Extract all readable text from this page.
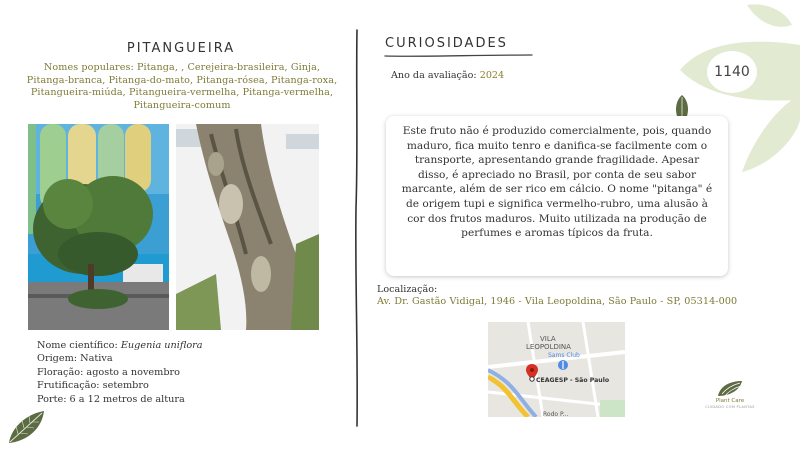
1140
PITANGUEIRA
Nomes populares: Pitanga, , Cerejeira-brasileira, Ginja, Pitanga-branca, Pitanga-do-mato, Pitanga-rósea, Pitanga-roxa, Pitangueira-miúda, Pitangueira-vermelha, Pitanga-vermelha, Pitangueira-comum
Nome científico: Eugenia uniflora
Origem: Nativa
Floração: agosto a novembro
Frutificação: setembro
Porte: 6 a 12 metros de altura
CURIOSIDADES
Ano da avaliação: 2024
Este fruto não é produzido comercialmente, pois, quando maduro, fica muito tenro e danifica-se facilmente com o transporte, apresentando grande fragilidade. Apesar disso, é apreciado no Brasil, por conta de seu sabor marcante, além de ser rico em cálcio. O nome "pitanga" é de origem tupi e significa vermelho-rubro, uma alusão à cor dos frutos maduros. Muito utilizada na produção de perfumes e aromas típicos da fruta.
Localização:
Av. Dr. Gastão Vidigal, 1946 - Vila Leopoldina, São Paulo - SP, 05314-000
VILA
LEOPOLDINA
Sams Club
CEAGESP - São Paulo
Rodo P...
Plant Care
CUIDADO COM PLANTAS
